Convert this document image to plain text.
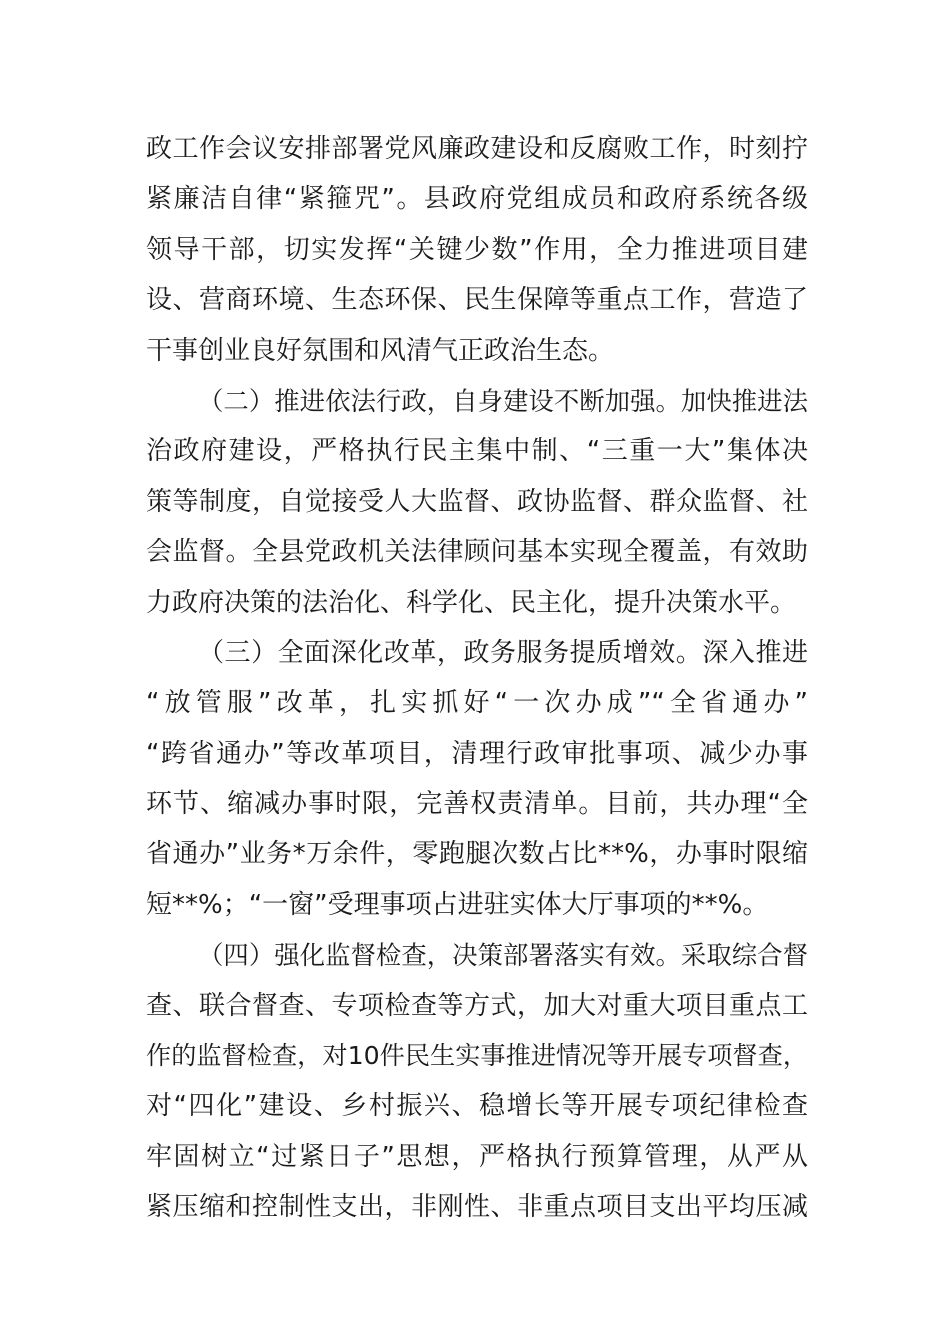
政工作会议安排部署党风廉政建设和反腐败工作，时刻拧
紧廉洁自律“紧箍咒”。县政府党组成员和政府系统各级
领导干部，切实发挥“关键少数”作用，全力推进项目建
设、营商环境、生态环保、民生保障等重点工作，营造了
干事创业良好氛围和风清气正政治生态。
（二）推进依法行政，自身建设不断加强。加快推进法
治政府建设，严格执行民主集中制、“三重一大”集体决
策等制度，自觉接受人大监督、政协监督、群众监督、社
会监督。全县党政机关法律顾问基本实现全覆盖，有效助
力政府决策的法治化、科学化、民主化，提升决策水平。
（三）全面深化改革，政务服务提质增效。深入推进
“放管服”改革，扎实抓好“一次办成”“全省通办”
“跨省通办”等改革项目，清理行政审批事项、减少办事
环节、缩减办事时限，完善权责清单。目前，共办理“全
省通办”业务*万余件，零跑腿次数占比**%，办事时限缩
短**%；“一窗”受理事项占进驻实体大厅事项的**%。
（四）强化监督检查，决策部署落实有效。采取综合督
查、联合督查、专项检查等方式，加大对重大项目重点工
作的监督检查，对10件民生实事推进情况等开展专项督查，
对“四化”建设、乡村振兴、稳增长等开展专项纪律检查
牢固树立“过紧日子”思想，严格执行预算管理，从严从
紧压缩和控制性支出，非刚性、非重点项目支出平均压减
